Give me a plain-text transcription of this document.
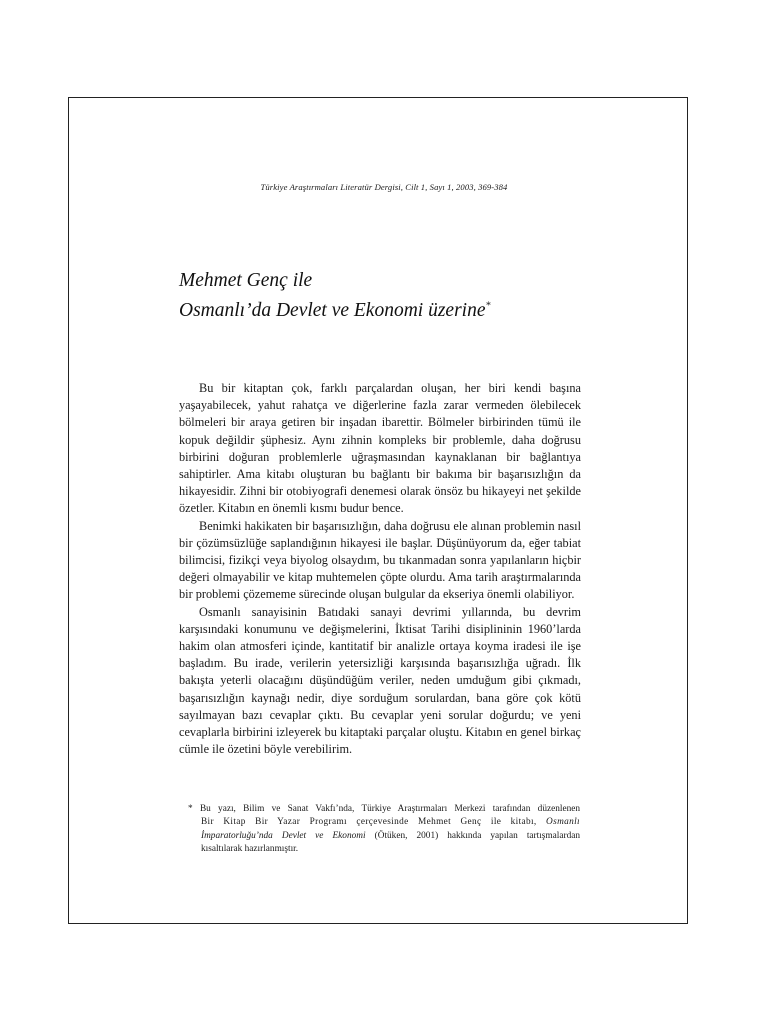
Türkiye Araştırmaları Literatür Dergisi, Cilt 1, Sayı 1, 2003, 369-384
Mehmet Genç ile
Osmanlı’da Devlet ve Ekonomi üzerine*

Bu bir kitaptan çok, farklı parçalardan oluşan, her biri kendi başına yaşayabilecek, yahut rahatça ve diğerlerine fazla zarar vermeden ölebilecek bölmeleri bir araya getiren bir inşadan ibarettir. Bölmeler birbirinden tümü ile kopuk değildir şüphesiz. Aynı zihnin kompleks bir problemle, daha doğrusu birbirini doğuran problemlerle uğraşmasından kaynaklanan bir bağlantıya sahiptirler. Ama kitabı oluşturan bu bağlantı bir bakıma bir başarısızlığın da hikayesidir. Zihni bir otobiyografi denemesi olarak önsöz bu hikayeyi net şekilde özetler. Kitabın en önemli kısmı budur bence.

Benimki hakikaten bir başarısızlığın, daha doğrusu ele alınan problemin nasıl bir çözümsüzlüğe saplandığının hikayesi ile başlar. Düşünüyorum da, eğer tabiat bilimcisi, fizikçi veya biyolog olsaydım, bu tıkanmadan sonra yapılanların hiçbir değeri olmayabilir ve kitap muhtemelen çöpte olurdu. Ama tarih araştırmalarında bir problemi çözememe sürecinde oluşan bulgular da ekseriya önemli olabiliyor.

Osmanlı sanayisinin Batıdaki sanayi devrimi yıllarında, bu devrim karşısındaki konumunu ve değişmelerini, İktisat Tarihi disiplininin 1960’larda hakim olan atmosferi içinde, kantitatif bir analizle ortaya koyma iradesi ile işe başladım. Bu irade, verilerin yetersizliği karşısında başarısızlığa uğradı. İlk bakışta yeterli olacağını düşündüğüm veriler, neden umduğum gibi çıkmadı, başarısızlığın kaynağı nedir, diye sorduğum sorulardan, bana göre çok kötü sayılmayan bazı cevaplar çıktı. Bu cevaplar yeni sorular doğurdu; ve yeni cevaplarla birbirini izleyerek bu kitaptaki parçalar oluştu. Kitabın en genel birkaç cümle ile özetini böyle verebilirim.

* Bu yazı, Bilim ve Sanat Vakfı’nda, Türkiye Araştırmaları Merkezi tarafından düzenlenen
Bir Kitap Bir Yazar Programı çerçevesinde Mehmet Genç ile kitabı, Osmanlı
İmparatorluğu’nda Devlet ve Ekonomi (Ötüken, 2001) hakkında yapılan tartışmalardan
kısaltılarak hazırlanmıştır.
